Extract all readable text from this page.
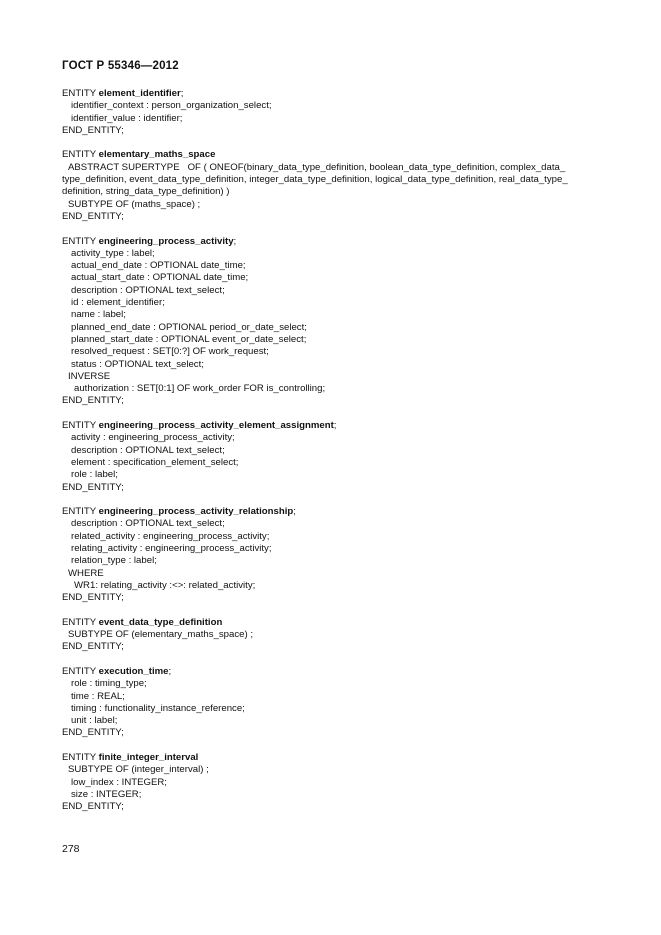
ГОСТ Р 55346—2012
ENTITY element_identifier;
identifier_context : person_organization_select;
identifier_value : identifier;
END_ENTITY;
ENTITY elementary_maths_space
ABSTRACT SUPERTYPE   OF ( ONEOF(binary_data_type_definition, boolean_data_type_definition, complex_data_
type_definition, event_data_type_definition, integer_data_type_definition, logical_data_type_definition, real_data_type_
definition, string_data_type_definition) )
SUBTYPE OF (maths_space) ;
END_ENTITY;
ENTITY engineering_process_activity;
activity_type : label;
actual_end_date : OPTIONAL date_time;
actual_start_date : OPTIONAL date_time;
description : OPTIONAL text_select;
id : element_identifier;
name : label;
planned_end_date : OPTIONAL period_or_date_select;
planned_start_date : OPTIONAL event_or_date_select;
resolved_request : SET[0:?] OF work_request;
status : OPTIONAL text_select;
INVERSE
authorization : SET[0:1] OF work_order FOR is_controlling;
END_ENTITY;
ENTITY engineering_process_activity_element_assignment;
activity : engineering_process_activity;
description : OPTIONAL text_select;
element : specification_element_select;
role : label;
END_ENTITY;
ENTITY engineering_process_activity_relationship;
description : OPTIONAL text_select;
related_activity : engineering_process_activity;
relating_activity : engineering_process_activity;
relation_type : label;
WHERE
WR1: relating_activity :<>: related_activity;
END_ENTITY;
ENTITY event_data_type_definition
SUBTYPE OF (elementary_maths_space) ;
END_ENTITY;
ENTITY execution_time;
role : timing_type;
time : REAL;
timing : functionality_instance_reference;
unit : label;
END_ENTITY;
ENTITY finite_integer_interval
SUBTYPE OF (integer_interval) ;
low_index : INTEGER;
size : INTEGER;
END_ENTITY;
278
